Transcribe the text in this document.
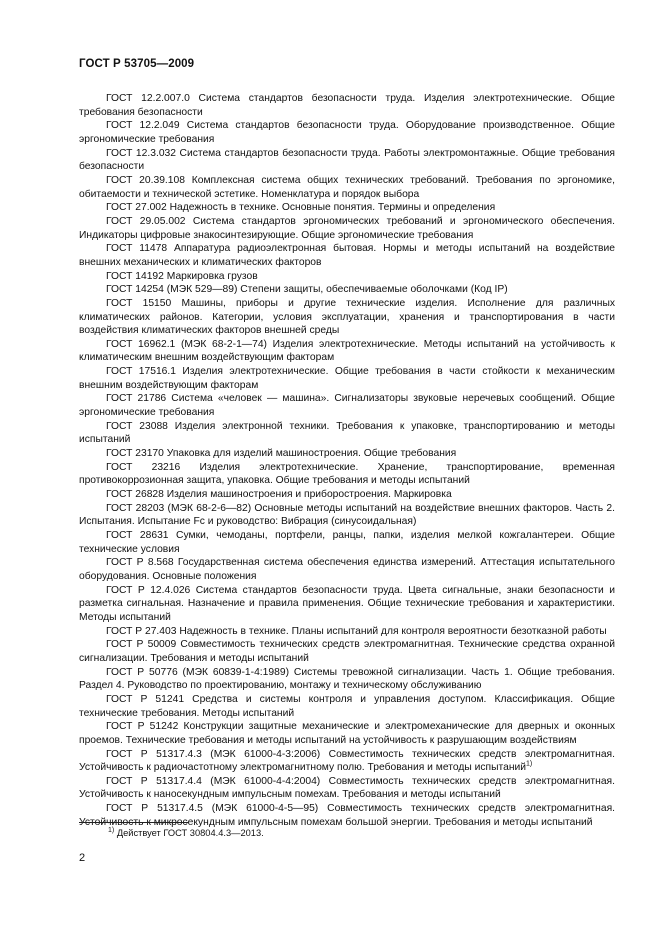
ГОСТ Р 53705—2009

ГОСТ 12.2.007.0 Система стандартов безопасности труда. Изделия электротехнические. Общие требования безопасности

ГОСТ 12.2.049 Система стандартов безопасности труда. Оборудование производственное. Общие эргономические требования

ГОСТ 12.3.032 Система стандартов безопасности труда. Работы электромонтажные. Общие требования безопасности

ГОСТ 20.39.108 Комплексная система общих технических требований. Требования по эргономике, обитаемости и технической эстетике. Номенклатура и порядок выбора

ГОСТ 27.002 Надежность в технике. Основные понятия. Термины и определения

ГОСТ 29.05.002 Система стандартов эргономических требований и эргономического обеспечения. Индикаторы цифровые знакосинтезирующие. Общие эргономические требования

ГОСТ 11478 Аппаратура радиоэлектронная бытовая. Нормы и методы испытаний на воздействие внешних механических и климатических факторов

ГОСТ 14192 Маркировка грузов

ГОСТ 14254 (МЭК 529—89) Степени защиты, обеспечиваемые оболочками (Код IP)

ГОСТ 15150 Машины, приборы и другие технические изделия. Исполнение для различных климатических районов. Категории, условия эксплуатации, хранения и транспортирования в части воздействия климатических факторов внешней среды

ГОСТ 16962.1 (МЭК 68-2-1—74) Изделия электротехнические. Методы испытаний на устойчивость к климатическим внешним воздействующим факторам

ГОСТ 17516.1 Изделия электротехнические. Общие требования в части стойкости к механическим внешним воздействующим факторам

ГОСТ 21786 Система «человек — машина». Сигнализаторы звуковые неречевых сообщений. Общие эргономические требования

ГОСТ 23088 Изделия электронной техники. Требования к упаковке, транспортированию и методы испытаний

ГОСТ 23170 Упаковка для изделий машиностроения. Общие требования

ГОСТ 23216 Изделия электротехнические. Хранение, транспортирование, временная противокоррозионная защита, упаковка. Общие требования и методы испытаний

ГОСТ 26828 Изделия машиностроения и приборостроения. Маркировка

ГОСТ 28203 (МЭК 68-2-6—82) Основные методы испытаний на воздействие внешних факторов. Часть 2. Испытания. Испытание Fc и руководство: Вибрация (синусоидальная)

ГОСТ 28631 Сумки, чемоданы, портфели, ранцы, папки, изделия мелкой кожгалантереи. Общие технические условия

ГОСТ Р 8.568 Государственная система обеспечения единства измерений. Аттестация испытательного оборудования. Основные положения

ГОСТ Р 12.4.026 Система стандартов безопасности труда. Цвета сигнальные, знаки безопасности и разметка сигнальная. Назначение и правила применения. Общие технические требования и характеристики. Методы испытаний

ГОСТ Р 27.403 Надежность в технике. Планы испытаний для контроля вероятности безотказной работы

ГОСТ Р 50009 Совместимость технических средств электромагнитная. Технические средства охранной сигнализации. Требования и методы испытаний

ГОСТ Р 50776 (МЭК 60839-1-4:1989) Системы тревожной сигнализации. Часть 1. Общие требования. Раздел 4. Руководство по проектированию, монтажу и техническому обслуживанию

ГОСТ Р 51241 Средства и системы контроля и управления доступом. Классификация. Общие технические требования. Методы испытаний

ГОСТ Р 51242 Конструкции защитные механические и электромеханические для дверных и оконных проемов. Технические требования и методы испытаний на устойчивость к разрушающим воздействиям

ГОСТ Р 51317.4.3 (МЭК 61000-4-3:2006) Совместимость технических средств электромагнитная. Устойчивость к радиочастотному электромагнитному полю. Требования и методы испытаний$^{1)}$

ГОСТ Р 51317.4.4 (МЭК 61000-4-4:2004) Совместимость технических средств электромагнитная. Устойчивость к наносекундным импульсным помехам. Требования и методы испытаний

ГОСТ Р 51317.4.5 (МЭК 61000-4-5—95) Совместимость технических средств электромагнитная. Устойчивость к микросекундным импульсным помехам большой энергии. Требования и методы испытаний

$^{1)}$ Действует ГОСТ 30804.4.3—2013.
2
